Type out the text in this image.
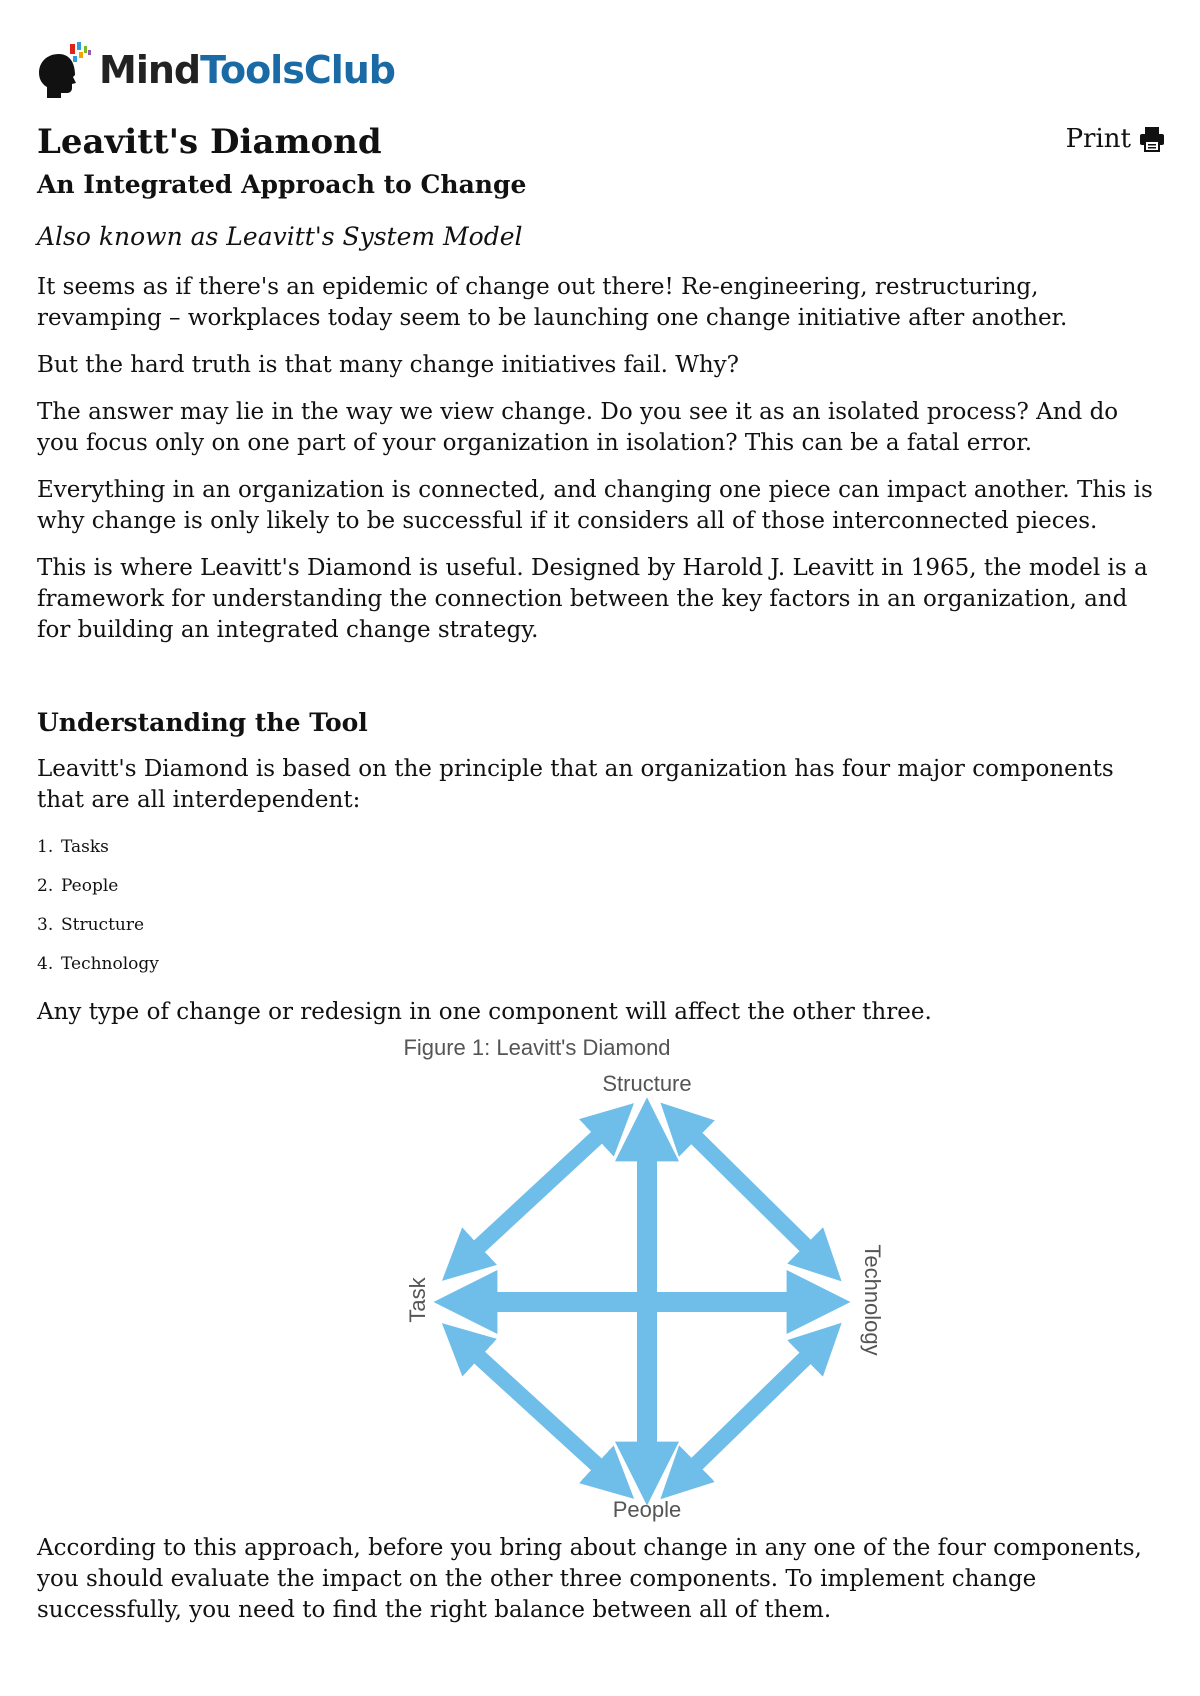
MindToolsClub
Leavitt's Diamond	Print
An Integrated Approach to Change

Also known as Leavitt's System Model

It seems as if there's an epidemic of change out there! Re-engineering, restructuring, revamping – workplaces today seem to be launching one change initiative after another.

But the hard truth is that many change initiatives fail. Why?

The answer may lie in the way we view change. Do you see it as an isolated process? And do you focus only on one part of your organization in isolation? This can be a fatal error.

Everything in an organization is connected, and changing one piece can impact another. This is why change is only likely to be successful if it considers all of those interconnected pieces.

This is where Leavitt's Diamond is useful. Designed by Harold J. Leavitt in 1965, the model is a framework for understanding the connection between the key factors in an organization, and for building an integrated change strategy.

Understanding the Tool

Leavitt's Diamond is based on the principle that an organization has four major components that are all interdependent:

1. Tasks
2. People
3. Structure
4. Technology

Any type of change or redesign in one component will affect the other three.

Figure 1: Leavitt's Diamond
Structure
People
Task	Technology

According to this approach, before you bring about change in any one of the four components, you should evaluate the impact on the other three components. To implement change successfully, you need to find the right balance between all of them.
